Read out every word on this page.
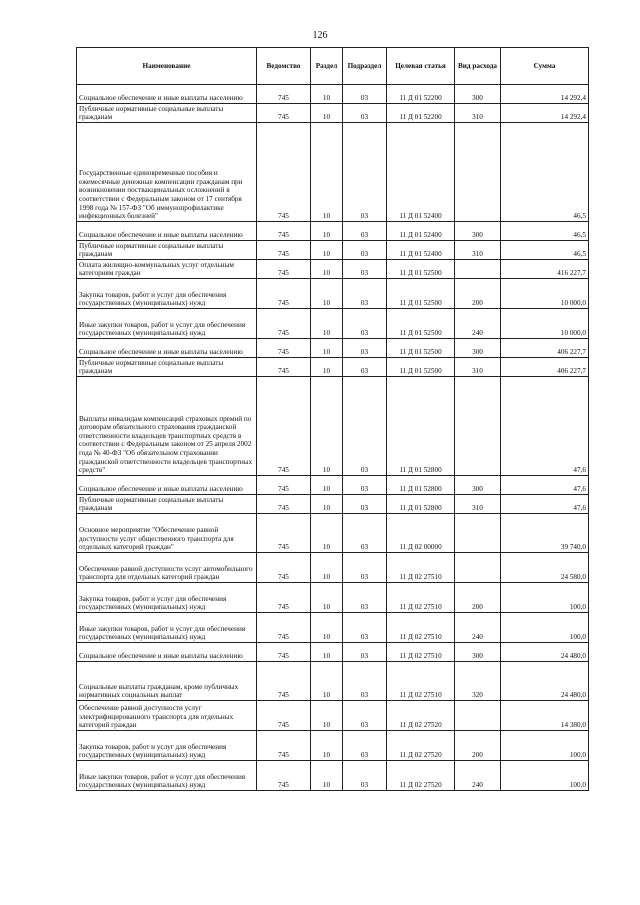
126
Наименование	Ведомство	Раздел	Подраздел	Целевая статья	Вид расхода	Сумма
Социальное обеспечение и иные выплаты населению	745	10	03	11 Д 01 52200	300	14 292,4
Публичные нормативные социальные выплаты гражданам	745	10	03	11 Д 01 52200	310	14 292,4
Государственные единовременные пособия и ежемесячные денежные компенсации гражданам при возникновении поствакцинальных осложнений в соответствии с Федеральным законом от 17 сентября 1998 года № 157-ФЗ "Об иммунопрофилактике инфекционных болезней"	745	10	03	11 Д 01 52400		46,5
Социальное обеспечение и иные выплаты населению	745	10	03	11 Д 01 52400	300	46,5
Публичные нормативные социальные выплаты гражданам	745	10	03	11 Д 01 52400	310	46,5
Оплата жилищно-коммунальных услуг отдельным категориям граждан	745	10	03	11 Д 01 52500		416 227,7
Закупка товаров, работ и услуг для обеспечения государственных (муниципальных) нужд	745	10	03	11 Д 01 52500	200	10 000,0
Иные закупки товаров, работ и услуг для обеспечения государственных (муниципальных) нужд	745	10	03	11 Д 01 52500	240	10 000,0
Социальное обеспечение и иные выплаты населению	745	10	03	11 Д 01 52500	300	406 227,7
Публичные нормативные социальные выплаты гражданам	745	10	03	11 Д 01 52500	310	406 227,7
Выплаты инвалидам компенсаций страховых премий по договорам обязательного страхования гражданской ответственности владельцев транспортных средств в соответствии с Федеральным законом от 25 апреля 2002 года № 40-ФЗ "Об обязательном страховании гражданской ответственности владельцев транспортных средств"	745	10	03	11 Д 01 52800		47,6
Социальное обеспечение и иные выплаты населению	745	10	03	11 Д 01 52800	300	47,6
Публичные нормативные социальные выплаты гражданам	745	10	03	11 Д 01 52800	310	47,6
Основное мероприятие "Обеспечение равной доступности услуг общественного транспорта для отдельных категорий граждан"	745	10	03	11 Д 02 00000		39 740,0
Обеспечение равной доступности услуг автомобильного транспорта для отдельных категорий граждан	745	10	03	11 Д 02 27510		24 580,0
Закупка товаров, работ и услуг для обеспечения государственных (муниципальных) нужд	745	10	03	11 Д 02 27510	200	100,0
Иные закупки товаров, работ и услуг для обеспечения государственных (муниципальных) нужд	745	10	03	11 Д 02 27510	240	100,0
Социальное обеспечение и иные выплаты населению	745	10	03	11 Д 02 27510	300	24 480,0
Социальные выплаты гражданам, кроме публичных нормативных социальных выплат	745	10	03	11 Д 02 27510	320	24 480,0
Обеспечение равной доступности услуг электрифицированного транспорта для отдельных категорий граждан	745	10	03	11 Д 02 27520		14 380,0
Закупка товаров, работ и услуг для обеспечения государственных (муниципальных) нужд	745	10	03	11 Д 02 27520	200	100,0
Иные закупки товаров, работ и услуг для обеспечения государственных (муниципальных) нужд	745	10	03	11 Д 02 27520	240	100,0
